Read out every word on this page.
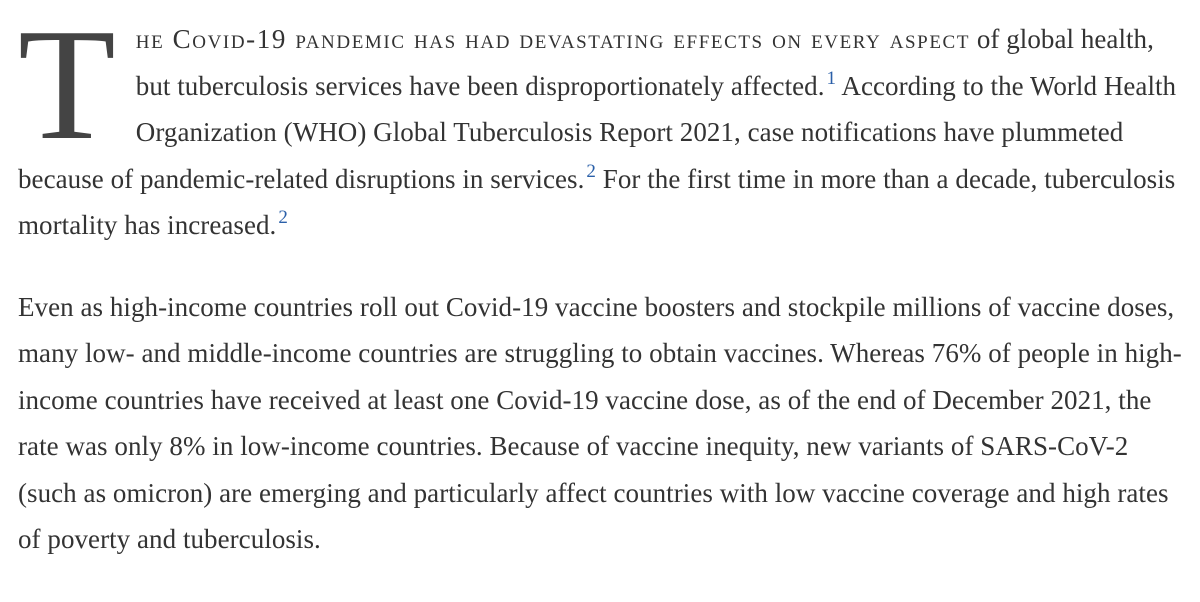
The Covid-19 pandemic has had devastating effects on every aspect of global health, but tuberculosis services have been disproportionately affected. $^1$ According to the World Health Organization (WHO) Global Tuberculosis Report 2021, case notifications have plummeted because of pandemic-related disruptions in services. $^2$ For the first time in more than a decade, tuberculosis mortality has increased. $^2$

Even as high-income countries roll out Covid-19 vaccine boosters and stockpile millions of vaccine doses, many low- and middle-income countries are struggling to obtain vaccines. Whereas 76% of people in high-income countries have received at least one Covid-19 vaccine dose, as of the end of December 2021, the rate was only 8% in low-income countries. Because of vaccine inequity, new variants of SARS-CoV-2 (such as omicron) are emerging and particularly affect countries with low vaccine coverage and high rates of poverty and tuberculosis.
